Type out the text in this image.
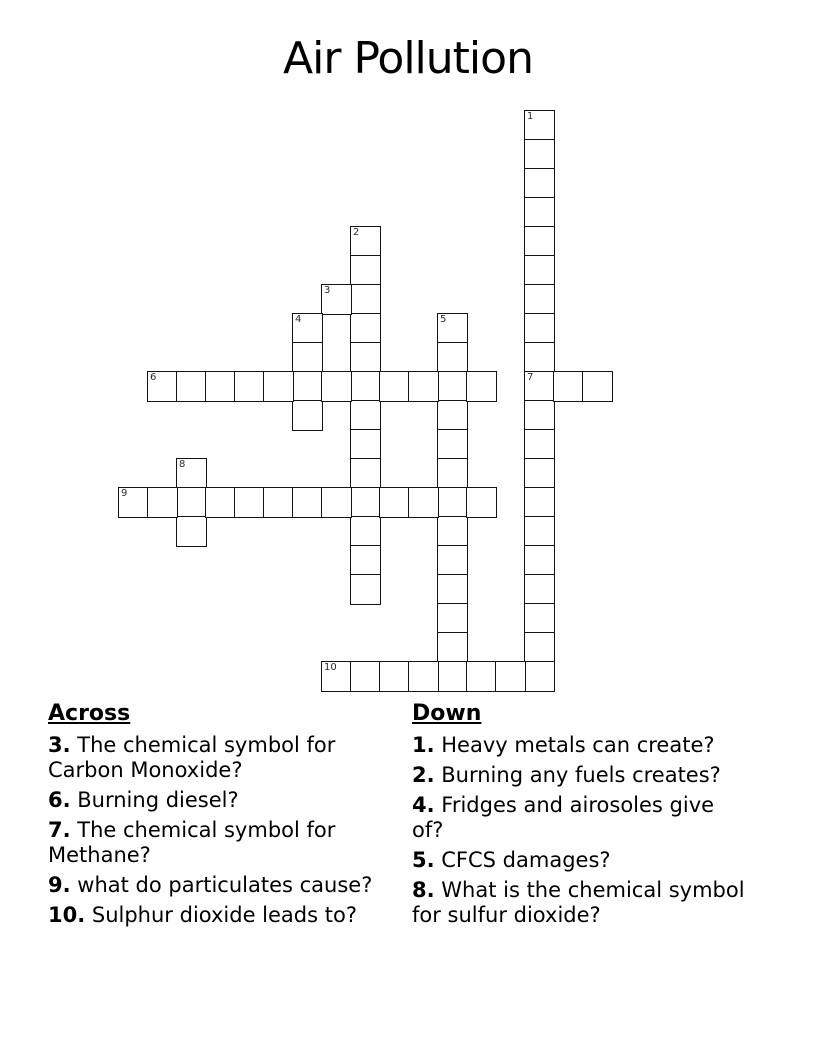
Air Pollution
1
7
2
3
4	5
6
8
9
10
Across
3. The chemical symbol for Carbon Monoxide?
6. Burning diesel?
7. The chemical symbol for Methane?
9. what do particulates cause?
10. Sulphur dioxide leads to?
Down
1. Heavy metals can create?
2. Burning any fuels creates?
4. Fridges and airosoles give of?
5. CFCS damages?
8. What is the chemical symbol for sulfur dioxide?
